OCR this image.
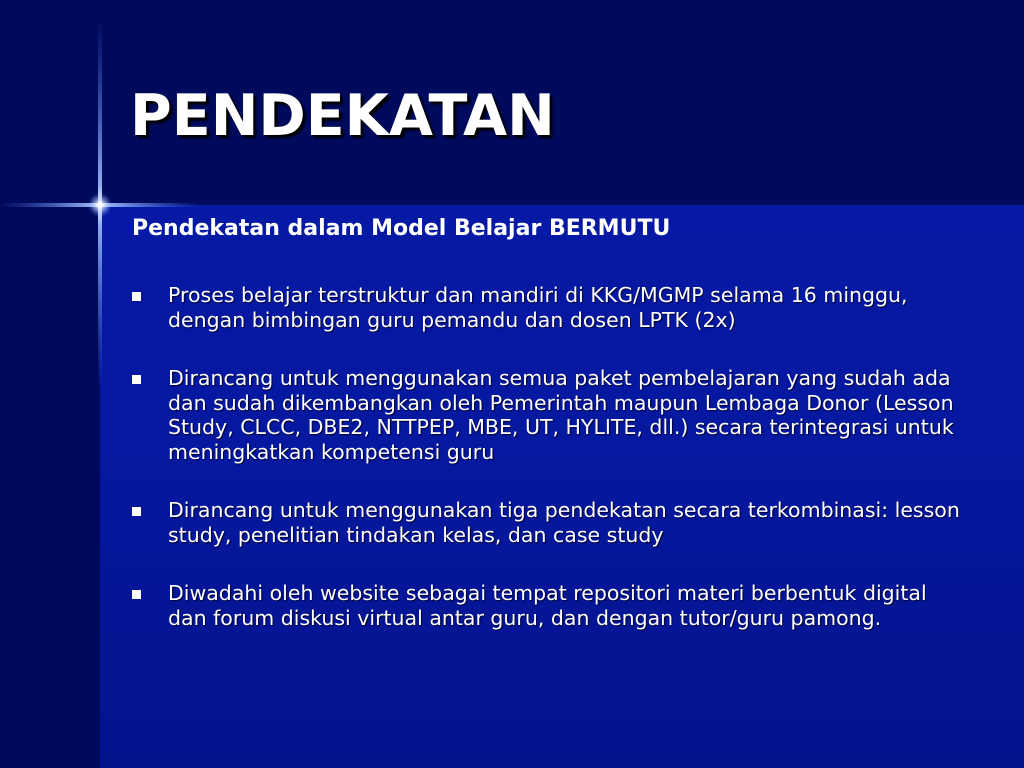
PENDEKATAN
Pendekatan dalam Model Belajar BERMUTU
Proses belajar terstruktur dan mandiri di KKG/MGMP selama 16 minggu, dengan bimbingan guru pemandu dan dosen LPTK (2x)
Dirancang untuk menggunakan semua paket pembelajaran yang sudah ada dan sudah dikembangkan oleh Pemerintah maupun Lembaga Donor (Lesson Study, CLCC, DBE2, NTTPEP, MBE, UT, HYLITE, dll.) secara terintegrasi untuk meningkatkan kompetensi guru
Dirancang untuk menggunakan tiga pendekatan secara terkombinasi: lesson study, penelitian tindakan kelas, dan case study
Diwadahi oleh website sebagai tempat repositori materi berbentuk digital dan forum diskusi virtual antar guru, dan dengan tutor/guru pamong.
